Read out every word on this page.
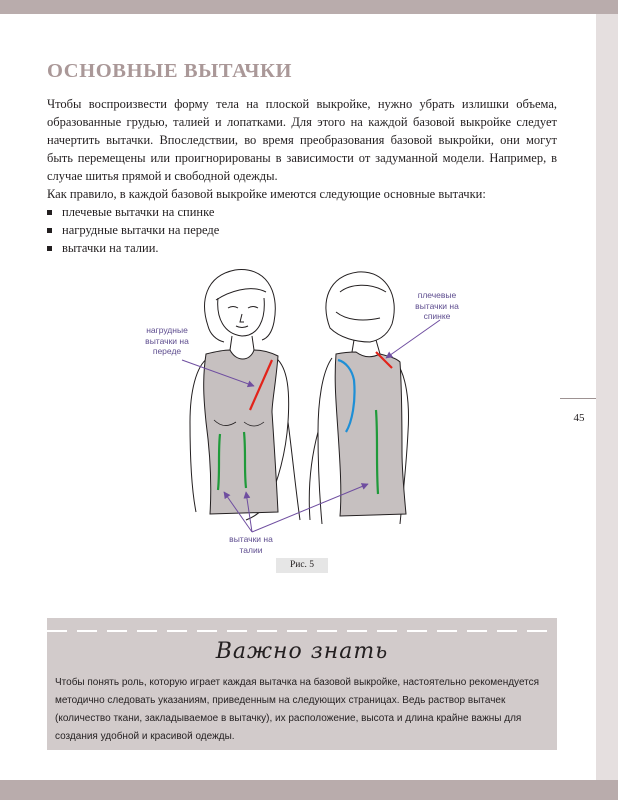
45
ОСНОВНЫЕ ВЫТАЧКИ

Чтобы воспроизвести форму тела на плоской выкройке, нужно убрать излишки объема, образованные грудью, талией и лопатками. Для этого на каждой базовой выкройке следует начертить вытачки. Впоследствии, во время преобразования базовой выкройки, они могут быть перемещены или проигнорированы в зависимости от задуманной модели. Например, в случае шитья прямой и свободной одежды.

Как правило, в каждой базовой выкройке имеются следующие основные вытачки:

плечевые вытачки на спинке
нагрудные вытачки на переде
вытачки на талии.
нагрудные вытачки на переде
плечевые вытачки на спинке
вытачки на талии
Рис. 5
Важно знать
Чтобы понять роль, которую играет каждая вытачка на базовой выкройке, настоятельно рекомендуется методично следовать указаниям, приведенным на следующих страницах. Ведь раствор вытачек (количество ткани, закладываемое в вытачку), их расположение, высота и длина крайне важны для создания удобной и красивой одежды.
